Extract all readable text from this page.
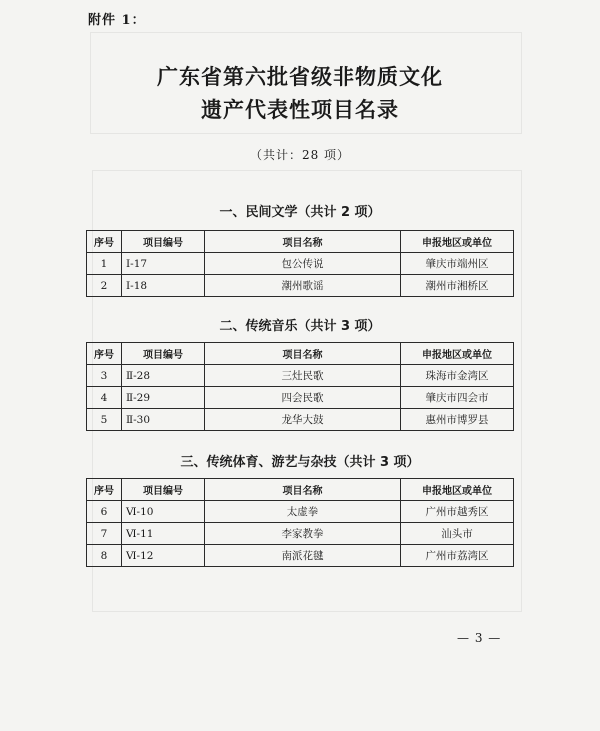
附件 1：
广东省第六批省级非物质文化
遗产代表性项目名录
（共计：28 项）
一、民间文学（共计 2 项）
序号	项目编号	项目名称	申报地区或单位
1	Ⅰ-17	包公传说	肇庆市端州区
2	Ⅰ-18	潮州歌谣	潮州市湘桥区
二、传统音乐（共计 3 项）
序号	项目编号	项目名称	申报地区或单位
3	Ⅱ-28	三灶民歌	珠海市金湾区
4	Ⅱ-29	四会民歌	肇庆市四会市
5	Ⅱ-30	龙华大鼓	惠州市博罗县
三、传统体育、游艺与杂技（共计 3 项）
序号	项目编号	项目名称	申报地区或单位
6	Ⅵ-10	太虚拳	广州市越秀区
7	Ⅵ-11	李家教拳	汕头市
8	Ⅵ-12	南派花毽	广州市荔湾区
— 3 —
